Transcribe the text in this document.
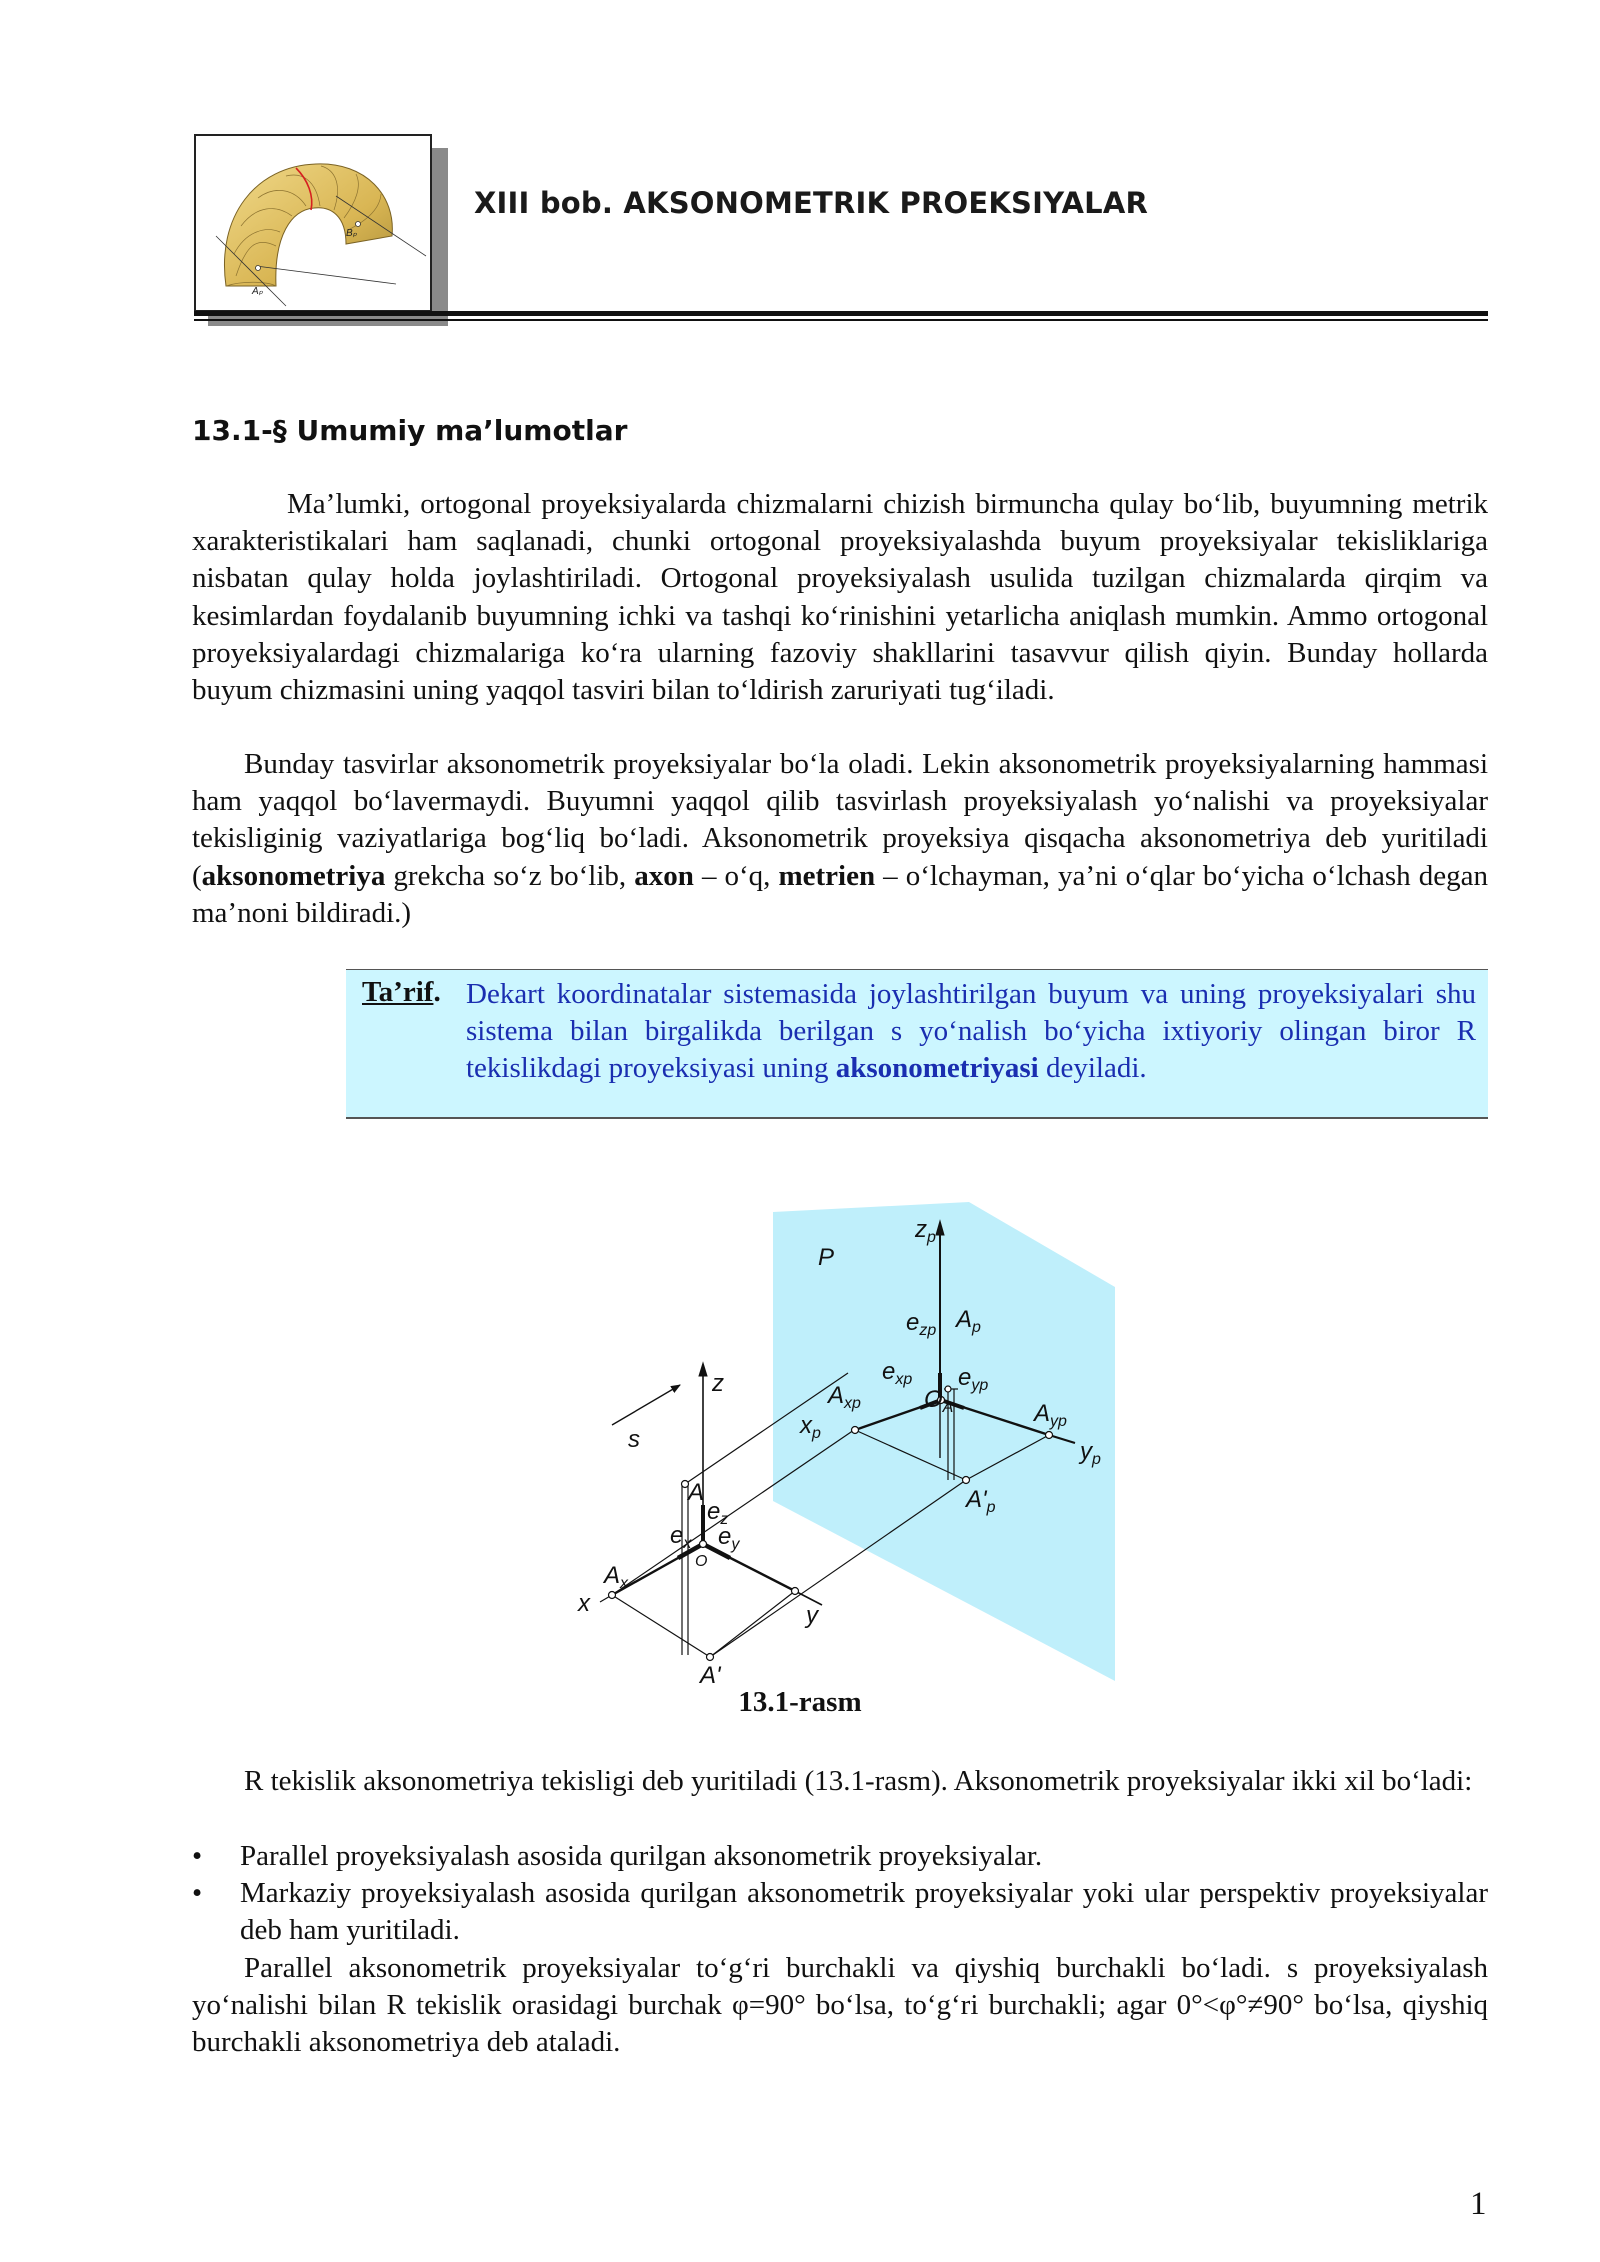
Bₚ
Aₚ
XIII bob. AKSONOMETRIK PROEKSIYALAR
13.1-§ Umumiy ma’lumotlar
Ma’lumki, ortogonal proyeksiyalarda chizmalarni chizish birmuncha qulay bo‘lib, buyumning metrik xarakteristikalari ham saqlanadi, chunki ortogonal proyeksiyalashda buyum proyeksiyalar tekisliklariga nisbatan qulay holda joylashtiriladi. Ortogonal proyeksiyalash usulida tuzilgan chizmalarda qirqim va kesimlardan foydalanib buyumning ichki va tashqi ko‘rinishini yetarlicha aniqlash mumkin. Ammo ortogonal proyeksiyalardagi chizmalariga ko‘ra ularning fazoviy shakllarini tasavvur qilish qiyin. Bunday hollarda buyum chizmasini uning yaqqol tasviri bilan to‘ldirish zaruriyati tug‘iladi.
Bunday tasvirlar aksonometrik proyeksiyalar bo‘la oladi. Lekin aksonometrik proyeksiyalarning hammasi ham yaqqol bo‘lavermaydi. Buyumni yaqqol qilib tasvirlash proyeksiyalash yo‘nalishi va proyeksiyalar tekisliginig vaziyatlariga bog‘liq bo‘ladi. Aksonometrik proyeksiya qisqacha aksonometriya deb yuritiladi (aksonometriya grekcha so‘z bo‘lib, axon – o‘q, metrien – o‘lchayman, ya’ni o‘qlar bo‘yicha o‘lchash degan ma’noni bildiradi.)
Ta’rif. Dekart koordinatalar sistemasida joylashtirilgan buyum va uning proyeksiyalari shu sistema bilan birgalikda berilgan s yo‘nalish bo‘yicha ixtiyoriy olingan biror R tekislikdagi proyeksiyasi uning aksonometriyasi deyiladi.
P
$z_p$
$e_{zp}$ $A_p$
$e_{xp}$ $e_{yp}$
$O_A$
$A_{xp}$
$x_p$
$A_{yp}$
$y_p$
$A'_p$
z
s
A
$e_z$
$e_x$ $e_y$
O
$A_x$
x	y
A'
13.1-rasm
R tekislik aksonometriya tekisligi deb yuritiladi (13.1-rasm). Aksonometrik proyeksiyalar ikki xil bo‘ladi:
• Parallel proyeksiyalash asosida qurilgan aksonometrik proyeksiyalar.
• Markaziy proyeksiyalash asosida qurilgan aksonometrik proyeksiyalar yoki ular perspektiv proyeksiyalar deb ham yuritiladi.
Parallel aksonometrik proyeksiyalar to‘g‘ri burchakli va qiyshiq burchakli bo‘ladi. s proyeksiyalash yo‘nalishi bilan R tekislik orasidagi burchak φ=90° bo‘lsa, to‘g‘ri burchakli; agar 0°<φ°≠90° bo‘lsa, qiyshiq burchakli aksonometriya deb ataladi.
1
